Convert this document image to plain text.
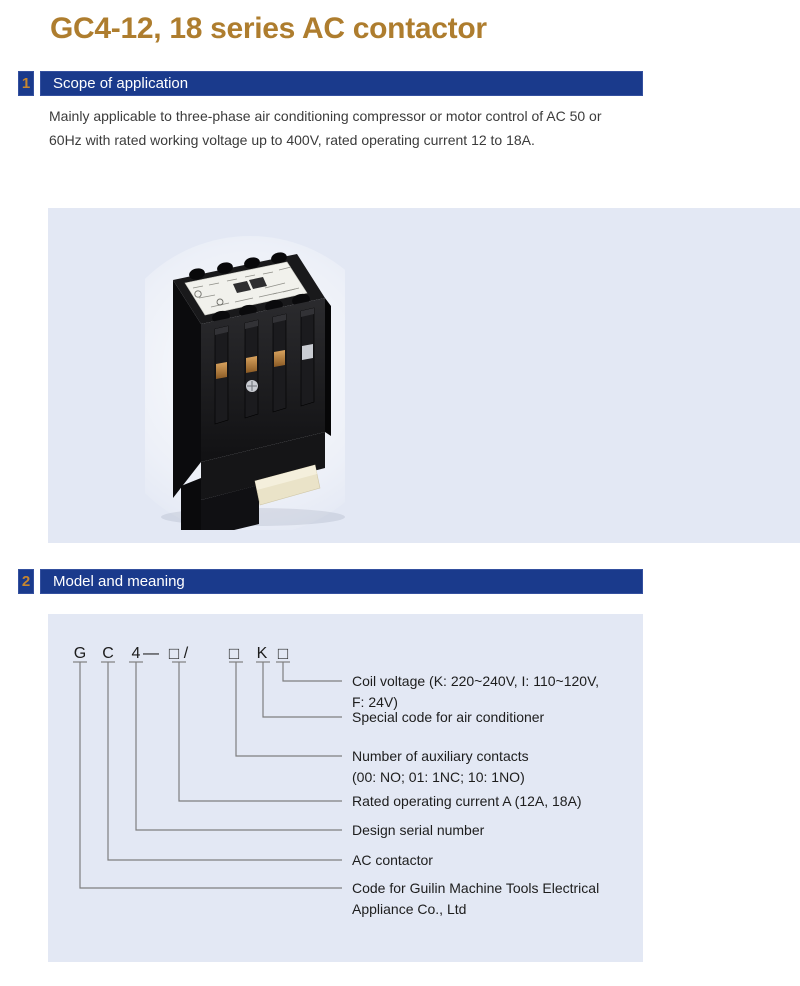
GC4-12, 18 series AC contactor
1	Scope of application
Mainly applicable to three-phase air conditioning compressor or motor control of AC 50 or
60Hz with rated working voltage up to 400V, rated operating current 12 to 18A.
2	Model and meaning
G C 4 — □ / □ K □
Coil voltage (K: 220~240V, I: 110~120V,
F: 24V)
Special code for air conditioner
Number of auxiliary contacts
(00: NO; 01: 1NC; 10: 1NO)
Rated operating current A (12A, 18A)
Design serial number
AC contactor
Code for Guilin Machine Tools Electrical
Appliance Co., Ltd
